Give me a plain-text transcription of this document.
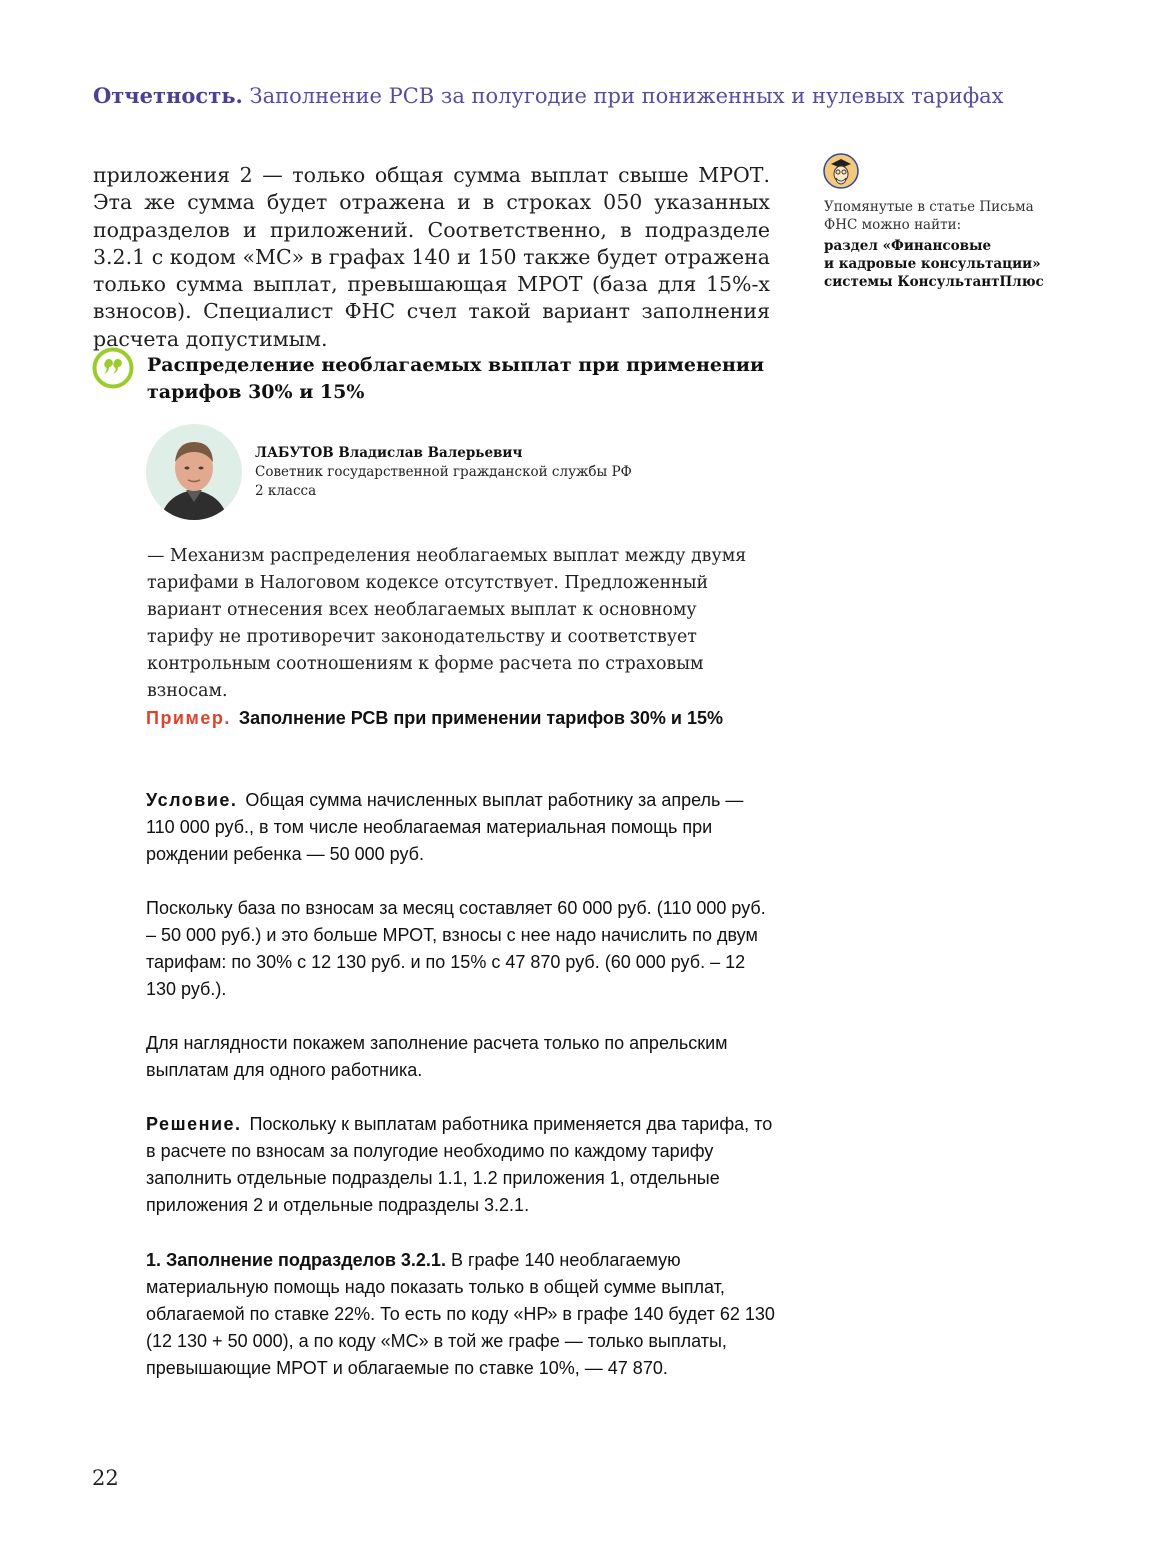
Отчетность. Заполнение РСВ за полугодие при пониженных и нулевых тарифах
приложения 2 — только общая сумма выплат свыше МРОТ. Эта же сумма будет отражена и в строках 050 указанных подразделов и приложений. Соответственно, в подразделе 3.2.1 с кодом «МС» в графах 140 и 150 также будет отражена только сумма выплат, превышающая МРОТ (база для 15%-х взносов). Специалист ФНС счел такой вариант заполнения расчета допустимым.
Упомянутые в статье Письма
ФНС можно найти:
раздел «Финансовые
и кадровые консультации»
системы КонсультантПлюс
Распределение необлагаемых выплат при применении тарифов 30% и 15%
ЛАБУТОВ Владислав Валерьевич
Советник государственной гражданской службы РФ
2 класса
— Механизм распределения необлагаемых выплат между двумя тарифами в Налоговом кодексе отсутствует. Предложенный вариант отнесения всех необлагаемых выплат к основному тарифу не противоречит законодательству и соответствует контрольным соотношениям к форме расчета по страховым взносам.
Пример. Заполнение РСВ при применении тарифов 30% и 15%
Условие. Общая сумма начисленных выплат работнику за апрель — 110 000 руб., в том числе необлагаемая материальная помощь при рождении ребенка — 50 000 руб.
Поскольку база по взносам за месяц составляет 60 000 руб. (110 000 руб. – 50 000 руб.) и это больше МРОТ, взносы с нее надо начислить по двум тарифам: по 30% с 12 130 руб. и по 15% с 47 870 руб. (60 000 руб. – 12 130 руб.).
Для наглядности покажем заполнение расчета только по апрельским выплатам для одного работника.
Решение. Поскольку к выплатам работника применяется два тарифа, то в расчете по взносам за полугодие необходимо по каждому тарифу заполнить отдельные подразделы 1.1, 1.2 приложения 1, отдельные приложения 2 и отдельные подразделы 3.2.1.
1. Заполнение подразделов 3.2.1. В графе 140 необлагаемую материальную помощь надо показать только в общей сумме выплат, облагаемой по ставке 22%. То есть по коду «НР» в графе 140 будет 62 130 (12 130 + 50 000), а по коду «МС» в той же графе — только выплаты, превышающие МРОТ и облагаемые по ставке 10%, — 47 870.
22
